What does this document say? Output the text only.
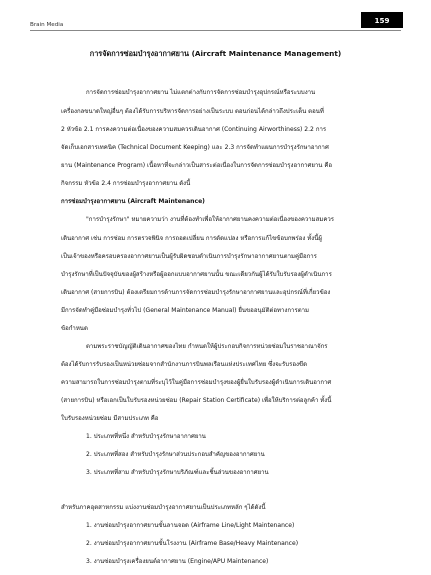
Brain Media
159
การจัดการซ่อมบำรุงอากาศยาน (Aircraft Maintenance Management)
การจัดการซ่อมบำรุงอากาศยาน ไม่แตกต่างกับการจัดการซ่อมบำรุงอุปกรณ์หรือระบบงาน
เครื่องกลขนาดใหญ่อื่นๆ ต้องได้รับการบริหารจัดการอย่างเป็นระบบ ตอนก่อนได้กล่าวถึงประเด็น ตอนที่
2 หัวข้อ 2.1 การคงความต่อเนื่องของความสมควรเดินอากาศ (Continuing Airworthiness) 2.2 การ
จัดเก็บเอกสารเทคนิค (Technical Document Keeping) และ 2.3 การจัดทำแผนการบำรุงรักษาอากาศ
ยาน (Maintenance Program) เนื้อหาที่จะกล่าวเป็นสาระต่อเนื่องในการจัดการซ่อมบำรุงอากาศยาน คือ
กิจกรรม หัวข้อ 2.4 การซ่อมบำรุงอากาศยาน ดังนี้
การซ่อมบำรุงอากาศยาน (Aircraft Maintenance)
"การบำรุงรักษา" หมายความว่า งานที่ต้องทำเพื่อให้อากาศยานคงความต่อเนื่องของความสมควร
เดินอากาศ เช่น การซ่อม การตรวจพินิจ การถอดเปลี่ยน การดัดแปลง หรือการแก้ไขข้อบกพร่อง ทั้งนี้ผู้
เป็นเจ้าของหรือครอบครองอากาศยานเป็นผู้รับผิดชอบดำเนินการบำรุงรักษาอากาศยานตามคู่มือการ
บำรุงรักษาที่เป็นปัจจุบันของผู้สร้างหรือผู้ออกแบบอากาศยานนั้น ขณะเดียวกันผู้ได้รับใบรับรองผู้ดำเนินการ
เดินอากาศ (สายการบิน) ต้องเตรียมการด้านการจัดการซ่อมบำรุงรักษาอากาศยานและอุปกรณ์ที่เกี่ยวข้อง
มีการจัดทำคู่มือซ่อมบำรุงทั่วไป (General Maintenance Manual) ยื่นขออนุมัติต่อทางการตาม
ข้อกำหนด
ตามพระราชบัญญัติเดินอากาศของไทย กำหนดให้ผู้ประกอบกิจการหน่วยซ่อมในราชอาณาจักร
ต้องได้รับการรับรองเป็นหน่วยซ่อมจากสำนักงานการบินพลเรือนแห่งประเทศไทย ซึ่งจะรับรองขีด
ความสามารถในการซ่อมบำรุงตามที่ระบุไว้ในคู่มือการซ่อมบำรุงของผู้ยื่นใบรับรองผู้ดำเนินการเดินอากาศ
(สายการบิน) หรือเอกเป็นใบรับรองหน่วยซ่อม (Repair Station Certificate) เพื่อให้บริการต่อลูกค้า ทั้งนี้
ใบรับรองหน่วยซ่อม มีสามประเภท คือ
1. ประเภทที่หนึ่ง สำหรับบำรุงรักษาอากาศยาน
2. ประเภทที่สอง สำหรับบำรุงรักษาส่วนประกอบสำคัญของอากาศยาน
3. ประเภทที่สาม สำหรับบำรุงรักษาบริภัณฑ์และชิ้นส่วนของอากาศยาน
สำหรับภาคอุตสาหกรรม แบ่งงานซ่อมบำรุงอากาศยานเป็นประเภทหลัก ๆได้ดังนี้
1. งานซ่อมบำรุงอากาศยานขั้นลานจอด (Airframe Line/Light Maintenance)
2. งานซ่อมบำรุงอากาศยานขั้นโรงงาน (Airframe Base/Heavy Maintenance)
3. งานซ่อมบำรุงเครื่องยนต์อากาศยาน (Engine/APU Maintenance)
